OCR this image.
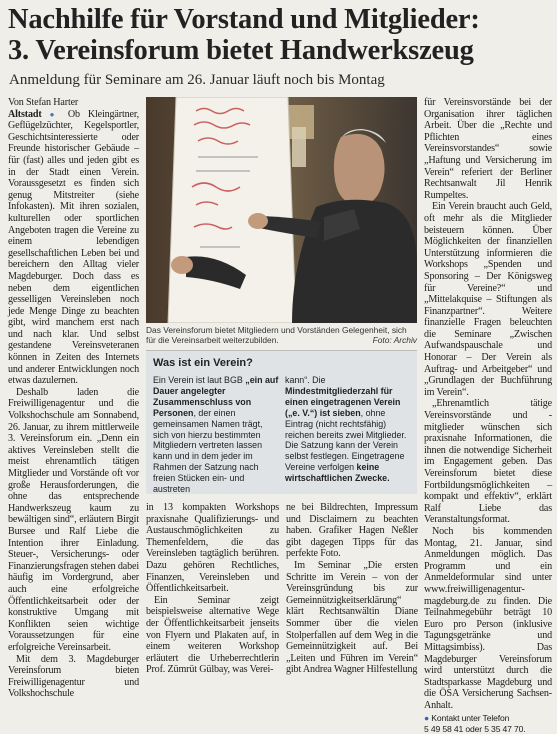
Nachhilfe für Vorstand und Mitglieder:
3. Vereinsforum bietet Handwerkszeug
Anmeldung für Seminare am 26. Januar läuft noch bis Montag
Von Stefan Harter

Altstadt ● Ob Kleingärtner, Geflügelzüchter, Kegelsportler, Geschichtsinteressierte oder Freunde historischer Gebäude – für (fast) alles und jeden gibt es in der Stadt einen Verein. Voraussgesetzt es finden sich genug Mitstreiter (siehe Infokasten). Mit ihren sozialen, kulturellen oder sportlichen Angeboten tragen die Vereine zu einem lebendigen gesellschaftlichen Leben bei und bereichern den Alltag vieler Magdeburger. Doch dass es neben dem eigentlichen gesselligen Vereinsleben noch jede Menge Dinge zu beachten gibt, wird manchem erst nach und nach klar. Und selbst gestandene Vereinsveteranen können in Zeiten des Internets und anderer Entwicklungen noch etwas dazulernen.

Deshalb laden die Freiwilligenagentur und die Volkshochschule am Sonnabend, 26. Januar, zu ihrem mittlerweile 3. Vereinsforum ein. „Denn ein aktives Vereinsleben stellt die meist ehrenamtlich tätigen Mitglieder und Vorstände oft vor große Herausforderungen, die ohne das entsprechende Handwerkszeug kaum zu bewältigen sind“, erläutern Birgit Bursee und Ralf Liebe die Intention ihrer Einladung. Steuer-, Versicherungs- oder Finanzierungsfragen stehen dabei häufig im Vordergrund, aber auch eine erfolgreiche Öffentlichkeitsarbeit oder der konstruktive Umgang mit Konflikten seien wichtige Voraussetzungen für eine erfolgreiche Vereinsarbeit.

Mit dem 3. Magdeburger Vereinsforum bieten Freiwilligenagentur und Volkshochschule

Das Vereinsforum bietet Mitgliedern und Vorständen Gelegenheit, sich für die Vereinsarbeit weiterzubilden.	Foto: Archiv
Was ist ein Verein?
Ein Verein ist laut BGB „ein auf Dauer angelegter Zusammenschluss von Personen, der einen gemeinsamen Namen trägt, sich von hierzu bestimmten Mitgliedern vertreten lassen kann und in dem jeder im Rahmen der Satzung nach freien Stücken ein- und austreten
kann“. Die Mindestmitgliederzahl für einen eingetragenen Verein („e. V.“) ist sieben, ohne Eintrag (nicht rechtsfähig) reichen bereits zwei Mitglieder. Die Satzung kann der Verein selbst festlegen. Eingetragene Vereine verfolgen keine wirtschaftlichen Zwecke.

in 13 kompakten Workshops praxisnahe Qualifizierungs- und Austauschmöglichkeiten zu Themenfeldern, die das Vereinsleben tagtäglich berühren. Dazu gehören Rechtliches, Finanzen, Vereinsleben und Öffentlichkeitsarbeit.

Ein Seminar zeigt beispielsweise alternative Wege der Öffentlichkeitsarbeit jenseits von Flyern und Plakaten auf, in einem weiteren Workshop erläutert die Urheberrechtlerin Prof. Zümrüt Gülbay, was Verei-

ne bei Bildrechten, Impressum und Disclaimern zu beachten haben. Grafiker Hagen Neßler gibt dagegen Tipps für das perfekte Foto.

Im Seminar „Die ersten Schritte im Verein – von der Vereinsgründung bis zur Gemeinnützigkeitserklärung“ klärt Rechtsanwältin Diane Sommer über die vielen Stolperfallen auf dem Weg in die Gemeinnützigkeit auf. Bei „Leiten und Führen im Verein“ gibt Andrea Wagner Hilfestellung

für Vereinsvorstände bei der Organisation ihrer täglichen Arbeit. Über die „Rechte und Pflichten eines Vereinsvorstandes“ sowie „Haftung und Versicherung im Verein“ referiert der Berliner Rechtsanwalt Jil Henrik Rumpeltes.

Ein Verein braucht auch Geld, oft mehr als die Mitglieder beisteuern können. Über Möglichkeiten der finanziellen Unterstützung informieren die Workshops „Spenden und Sponsoring – Der Königsweg für Vereine?“ und „Mittelakquise – Stiftungen als Finanzpartner“. Weitere finanzielle Fragen beleuchten die Seminare „Zwischen Aufwandspauschale und Honorar – Der Verein als Auftrag- und Arbeitgeber“ und „Grundlagen der Buchführung im Verein“.

„Ehrenamtlich tätige Vereinsvorstände und -mitglieder wünschen sich praxisnahe Informationen, die ihnen die notwendige Sicherheit im Engagement geben. Das Vereinsforum bietet diese Fortbildungsmöglichkeiten – kompakt und effektiv“, erklärt Ralf Liebe das Veranstaltungsformat.

Noch bis kommenden Montag, 21. Januar, sind Anmeldungen möglich. Das Programm und ein Anmeldeformular sind unter www.freiwilligenagentur-magdeburg.de zu finden. Die Teilnahmegebühr beträgt 10 Euro pro Person (inklusive Tagungsgetränke und Mittagsimbiss). Das Magdeburger Vereinsforum wird unterstützt durch die Stadtsparkasse Magdeburg und die ÖSA Versicherung Sachsen-Anhalt.

● Kontakt unter Telefon
5 49 58 41 oder 5 35 47 70.
